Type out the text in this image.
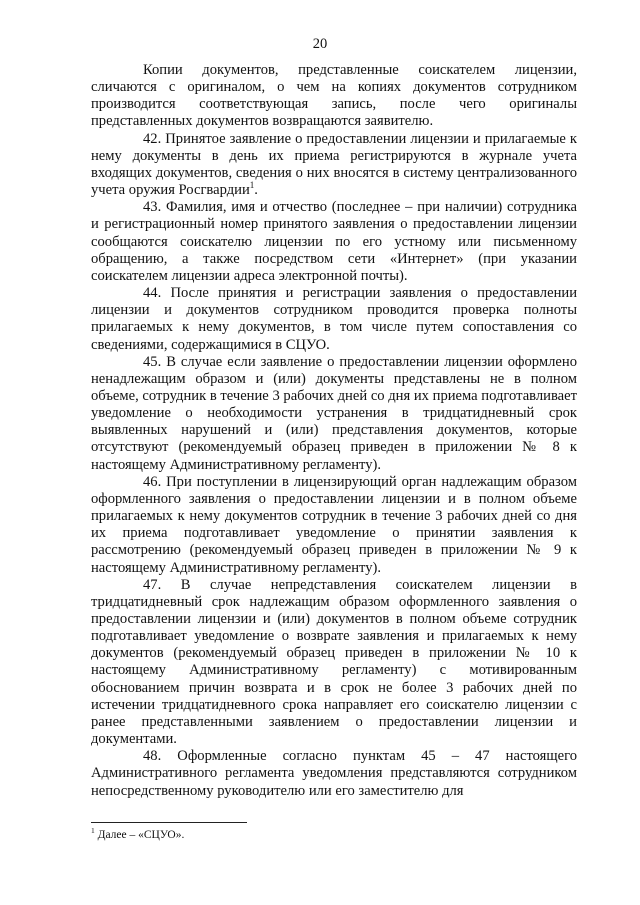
20

Копии документов, представленные соискателем лицензии, сличаются с оригиналом, о чем на копиях документов сотрудником производится соответствующая запись, после чего оригиналы представленных документов возвращаются заявителю.

42. Принятое заявление о предоставлении лицензии и прилагаемые к нему документы в день их приема регистрируются в журнале учета входящих документов, сведения о них вносятся в систему централизованного учета оружия Росгвардии$^1$.

43. Фамилия, имя и отчество (последнее – при наличии) сотрудника и регистрационный номер принятого заявления о предоставлении лицензии сообщаются соискателю лицензии по его устному или письменному обращению, а также посредством сети «Интернет» (при указании соискателем лицензии адреса электронной почты).

44. После принятия и регистрации заявления о предоставлении лицензии и документов сотрудником проводится проверка полноты прилагаемых к нему документов, в том числе путем сопоставления со сведениями, содержащимися в СЦУО.

45. В случае если заявление о предоставлении лицензии оформлено ненадлежащим образом и (или) документы представлены не в полном объеме, сотрудник в течение 3 рабочих дней со дня их приема подготавливает уведомление о необходимости устранения в тридцатидневный срок выявленных нарушений и (или) представления документов, которые отсутствуют (рекомендуемый образец приведен в приложении № 8 к настоящему Административному регламенту).

46. При поступлении в лицензирующий орган надлежащим образом оформленного заявления о предоставлении лицензии и в полном объеме прилагаемых к нему документов сотрудник в течение 3 рабочих дней со дня их приема подготавливает уведомление о принятии заявления к рассмотрению (рекомендуемый образец приведен в приложении № 9 к настоящему Административному регламенту).

47. В случае непредставления соискателем лицензии в тридцатидневный срок надлежащим образом оформленного заявления о предоставлении лицензии и (или) документов в полном объеме сотрудник подготавливает уведомление о возврате заявления и прилагаемых к нему документов (рекомендуемый образец приведен в приложении № 10 к настоящему Административному регламенту) с мотивированным обоснованием причин возврата и в срок не более 3 рабочих дней по истечении тридцатидневного срока направляет его соискателю лицензии с ранее представленными заявлением о предоставлении лицензии и документами.

48. Оформленные согласно пунктам 45 – 47 настоящего Административного регламента уведомления представляются сотрудником непосредственному руководителю или его заместителю для

$^1$ Далее – «СЦУО».
